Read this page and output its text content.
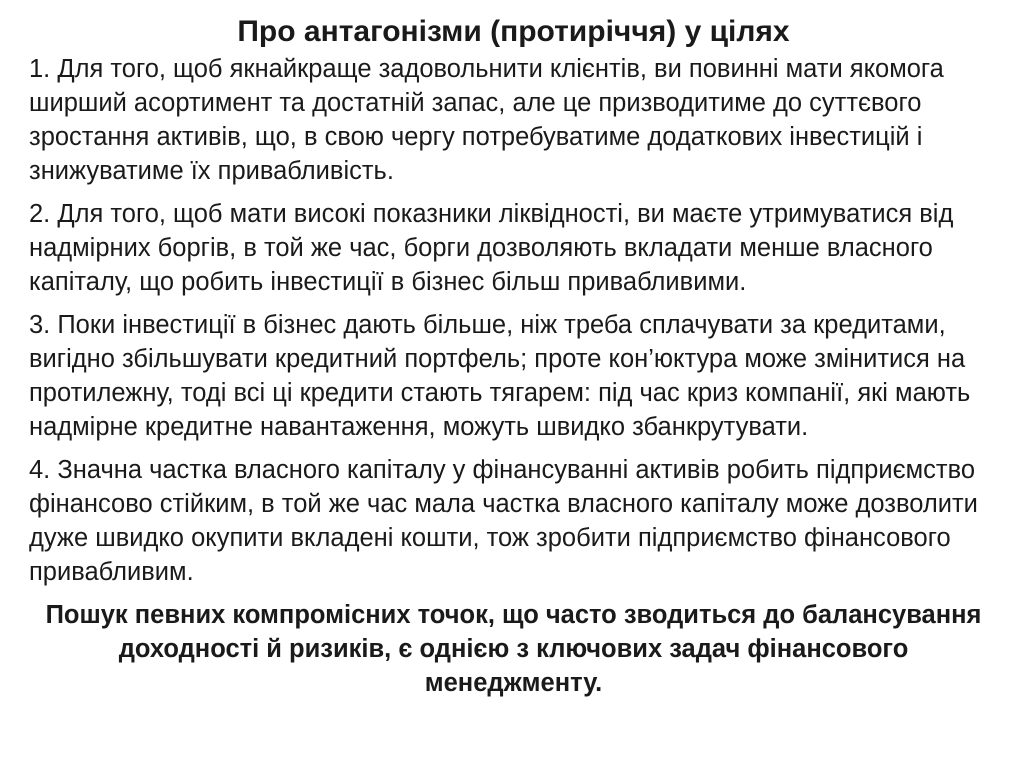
Про антагонізми (протиріччя) у цілях

1. Для того, щоб якнайкраще задовольнити клієнтів, ви повинні мати якомога ширший асортимент та достатній запас, але це призводитиме до суттєвого зростання активів, що, в свою чергу потребуватиме додаткових інвестицій і знижуватиме їх привабливість.

2. Для того, щоб мати високі показники ліквідності, ви маєте утримуватися від надмірних боргів, в той же час, борги дозволяють вкладати менше власного капіталу, що робить інвестиції в бізнес більш привабливими.

3. Поки інвестиції в бізнес дають більше, ніж треба сплачувати за кредитами, вигідно збільшувати кредитний портфель; проте кон’юктура може змінитися на протилежну, тоді всі ці кредити стають тягарем: під час криз компанії, які мають надмірне кредитне навантаження, можуть швидко збанкрутувати.

4. Значна частка власного капіталу у фінансуванні активів робить підприємство фінансово стійким, в той же час мала частка власного капіталу може дозволити дуже швидко окупити вкладені кошти, тож зробити підприємство фінансового привабливим.

Пошук певних компромісних точок, що часто зводиться до балансування доходності й ризиків, є однією з ключових задач фінансового менеджменту.
